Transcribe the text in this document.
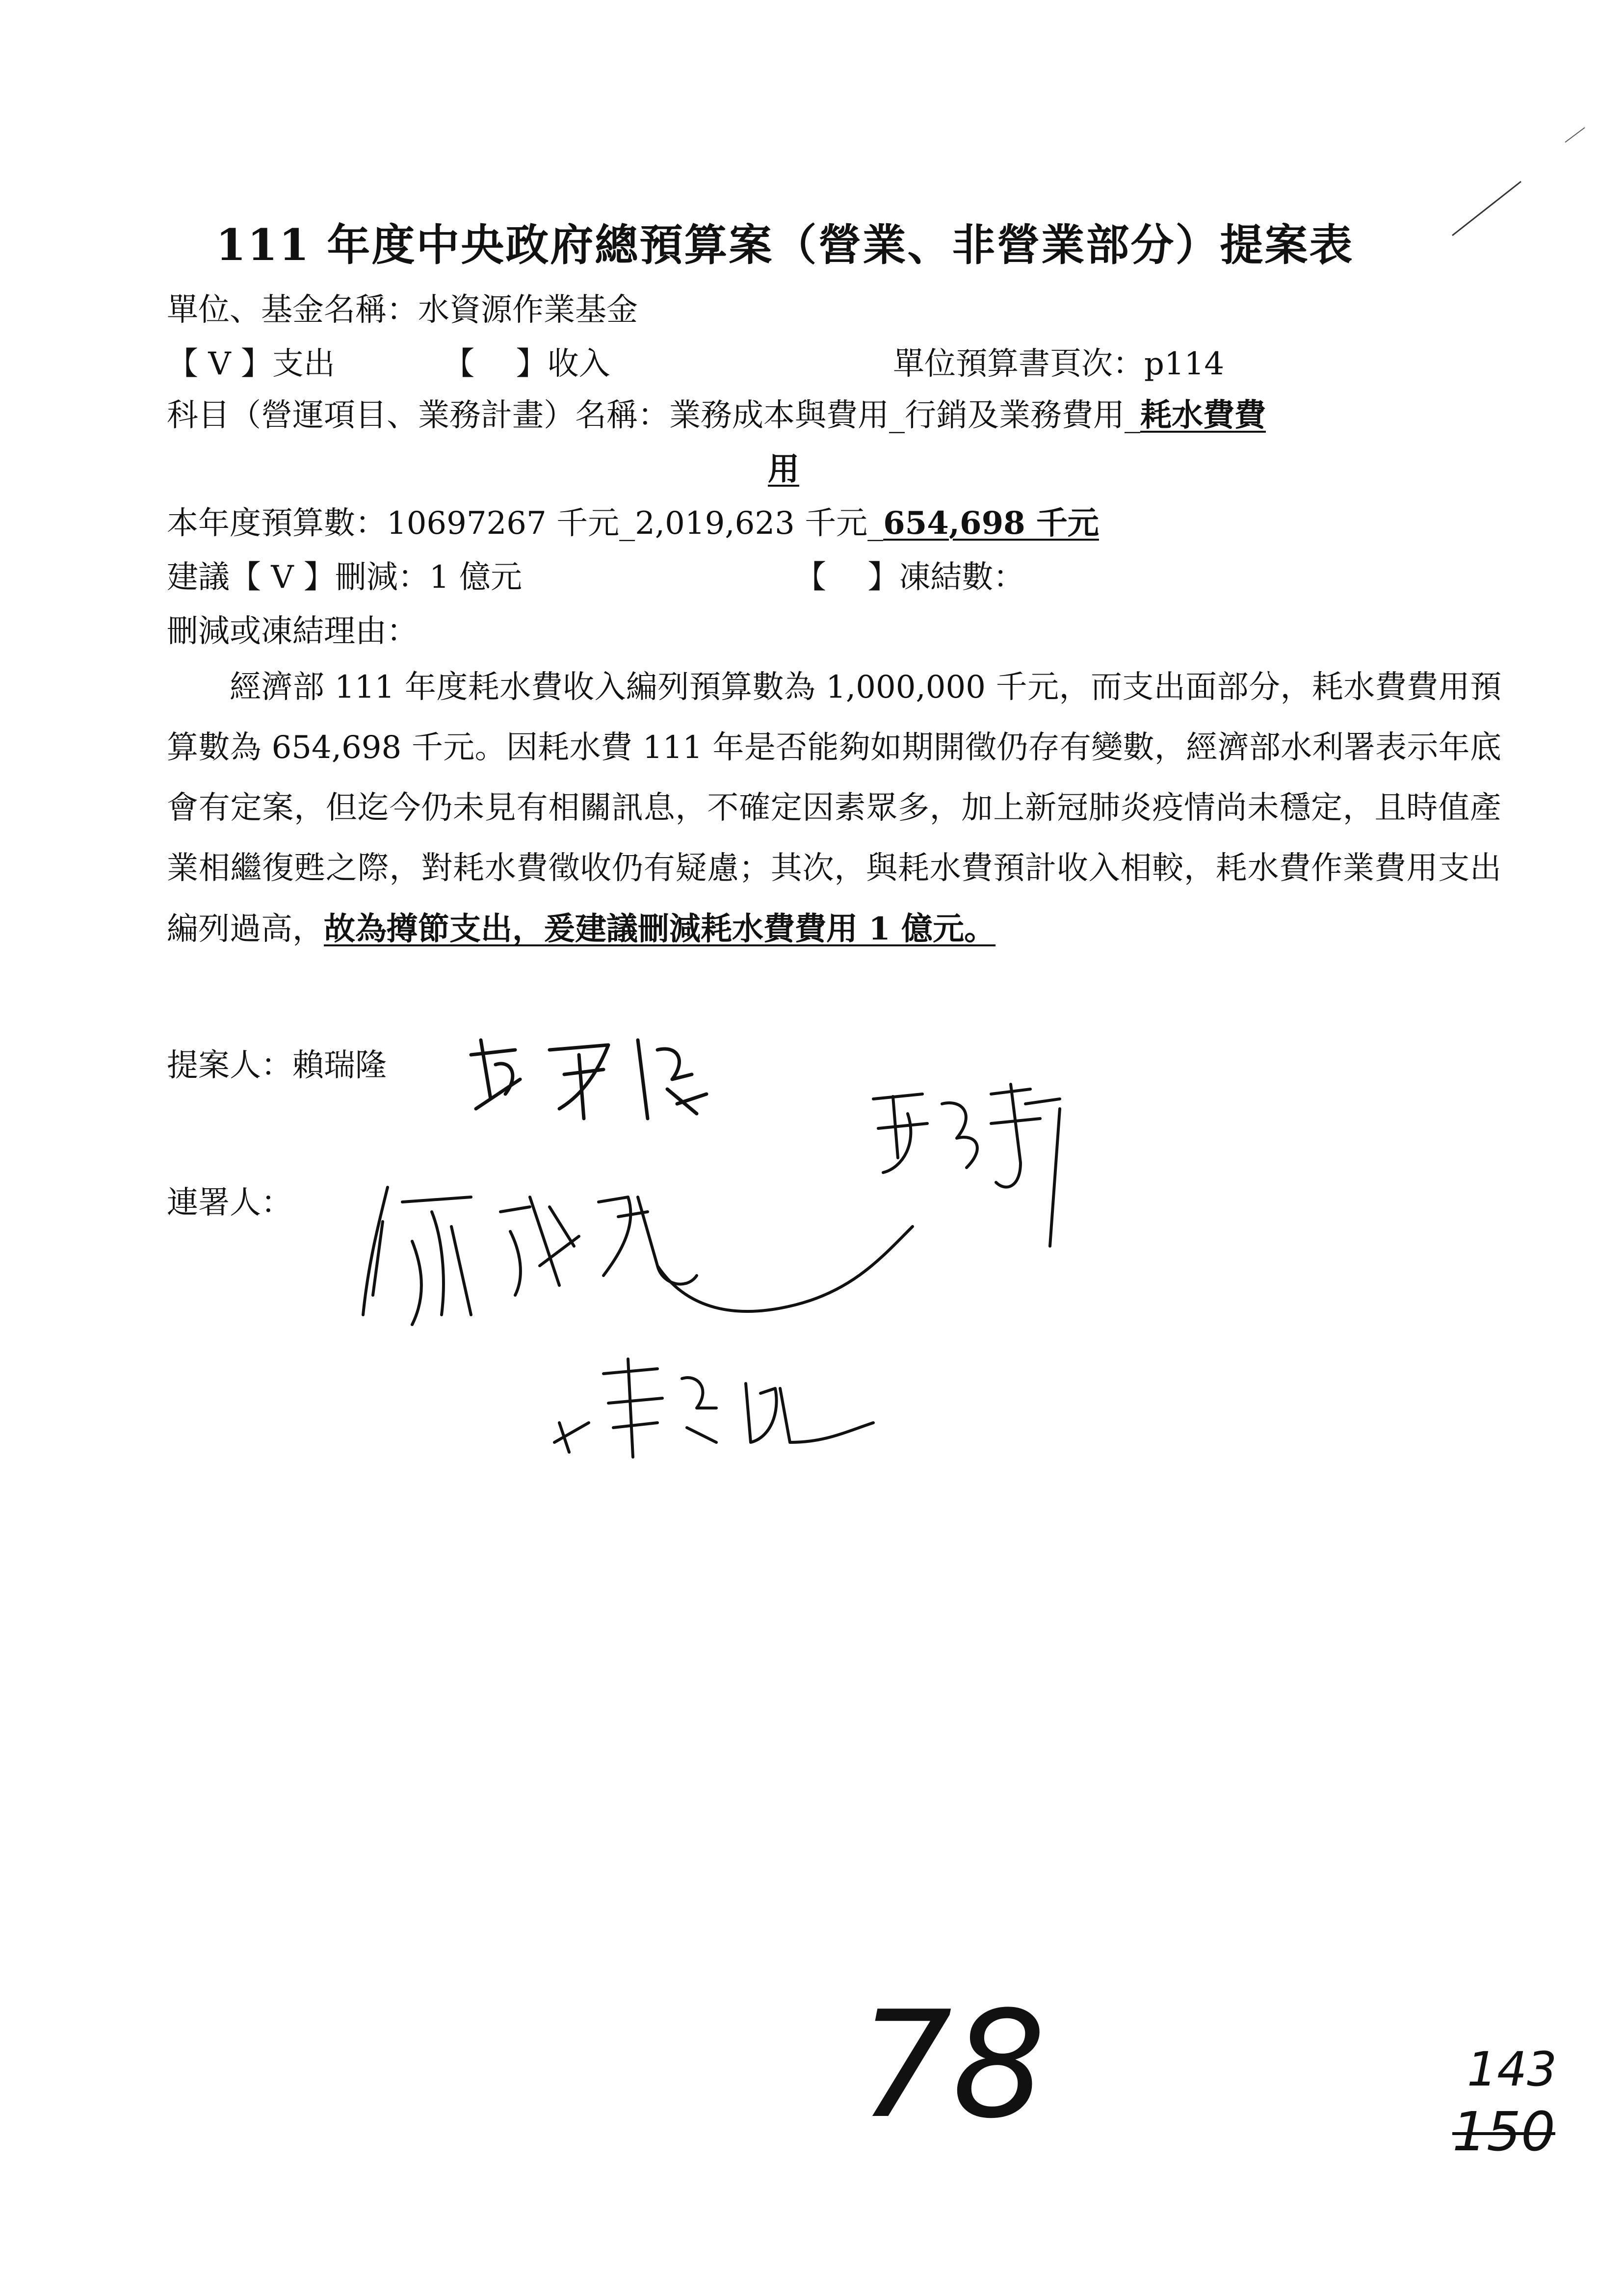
111 年度中央政府總預算案（營業、非營業部分）提案表
單位、基金名稱：水資源作業基金
【 V 】支出	【　 】收入	單位預算書頁次：p114
科目（營運項目、業務計畫）名稱：業務成本與費用_行銷及業務費用_耗水費費
用
本年度預算數：10697267 千元_2,019,623 千元_654,698 千元
建議【 V 】刪減：1 億元	【　 】凍結數：
刪減或凍結理由：

經濟部 111 年度耗水費收入編列預算數為 1,000,000 千元，而支出面部分，耗水費費用預算數為 654,698 千元。因耗水費 111 年是否能夠如期開徵仍存有變數，經濟部水利署表示年底會有定案，但迄今仍未見有相關訊息，不確定因素眾多，加上新冠肺炎疫情尚未穩定，且時值產業相繼復甦之際，對耗水費徵收仍有疑慮；其次，與耗水費預計收入相較，耗水費作業費用支出編列過高，故為撙節支出，爰建議刪減耗水費費用 1 億元。

提案人：賴瑞隆
連署人：
78	143
150
